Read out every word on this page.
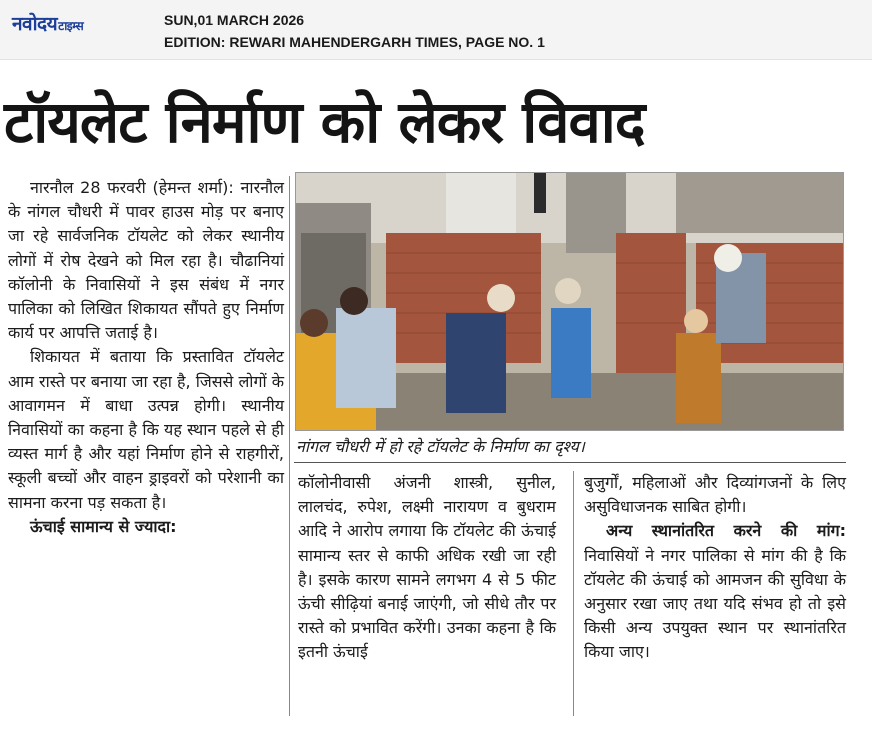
नवोदयटाइम्स	SUN,01 MARCH 2026
EDITION: REWARI MAHENDERGARH TIMES, PAGE NO. 1
टॉयलेट निर्माण को लेकर विवाद

नारनौल 28 फरवरी (हेमन्त शर्मा): नारनौल के नांगल चौधरी में पावर हाउस मोड़ पर बनाए जा रहे सार्वजनिक टॉयलेट को लेकर स्थानीय लोगों में रोष देखने को मिल रहा है। चौढानियां कॉलोनी के निवासियों ने इस संबंध में नगर पालिका को लिखित शिकायत सौंपते हुए निर्माण कार्य पर आपत्ति जताई है।

शिकायत में बताया कि प्रस्तावित टॉयलेट आम रास्ते पर बनाया जा रहा है, जिससे लोगों के आवागमन में बाधा उत्पन्न होगी। स्थानीय निवासियों का कहना है कि यह स्थान पहले से ही व्यस्त मार्ग है और यहां निर्माण होने से राहगीरों, स्कूली बच्चों और वाहन ड्राइवरों को परेशानी का सामना करना पड़ सकता है।

ऊंचाई सामान्य से ज्यादा:
नांगल चौधरी में हो रहे टॉयलेट के निर्माण का दृश्य।

कॉलोनीवासी अंजनी शास्त्री, सुनील, लालचंद, रुपेश, लक्ष्मी नारायण व बुधराम आदि ने आरोप लगाया कि टॉयलेट की ऊंचाई सामान्य स्तर से काफी अधिक रखी जा रही है। इसके कारण सामने लगभग 4 से 5 फीट ऊंची सीढ़ियां बनाई जाएंगी, जो सीधे तौर पर रास्ते को प्रभावित करेंगी। उनका कहना है कि इतनी ऊंचाई

बुजुर्गों, महिलाओं और दिव्यांगजनों के लिए असुविधाजनक साबित होगी।

अन्य स्थानांतरित करने की मांग: निवासियों ने नगर पालिका से मांग की है कि टॉयलेट की ऊंचाई को आमजन की सुविधा के अनुसार रखा जाए तथा यदि संभव हो तो इसे किसी अन्य उपयुक्त स्थान पर स्थानांतरित किया जाए।
